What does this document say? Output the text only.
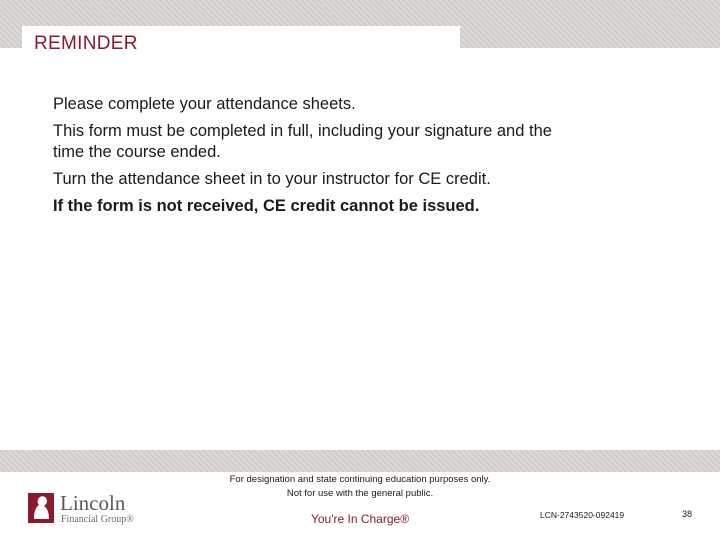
REMINDER

Please complete your attendance sheets.

This form must be completed in full, including your signature and the time the course ended.

Turn the attendance sheet in to your instructor for CE credit.

If the form is not received, CE credit cannot be issued.

For designation and state continuing education purposes only.
Not for use with the general public.
Lincoln
Financial Group®	You're In Charge®	LCN-2743520-092419	38
